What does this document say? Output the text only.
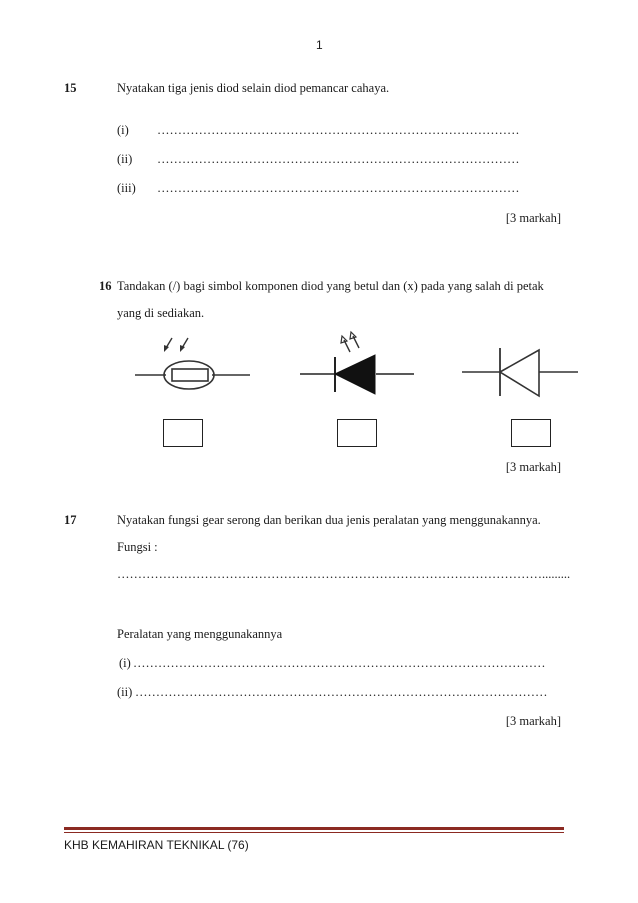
1
15	Nyatakan tiga jenis diod selain diod pemancar cahaya.
(i) ……………………………………………………………………………
(ii) ……………………………………………………………………………
(iii) ……………………………………………………………………………
[3 markah]
16 Tandakan (/) bagi simbol komponen diod yang betul dan (x) pada yang salah di petak
yang di sediakan.
[3 markah]
17	Nyatakan fungsi gear serong dan berikan dua jenis peralatan yang menggunakannya.
Fungsi :
………………………………………………………………………………………….........
Peralatan yang menggunakannya
(i) ………………………………………………………………………………………
(ii) ………………………………………………………………………………………
[3 markah]
KHB KEMAHIRAN TEKNIKAL (76)
